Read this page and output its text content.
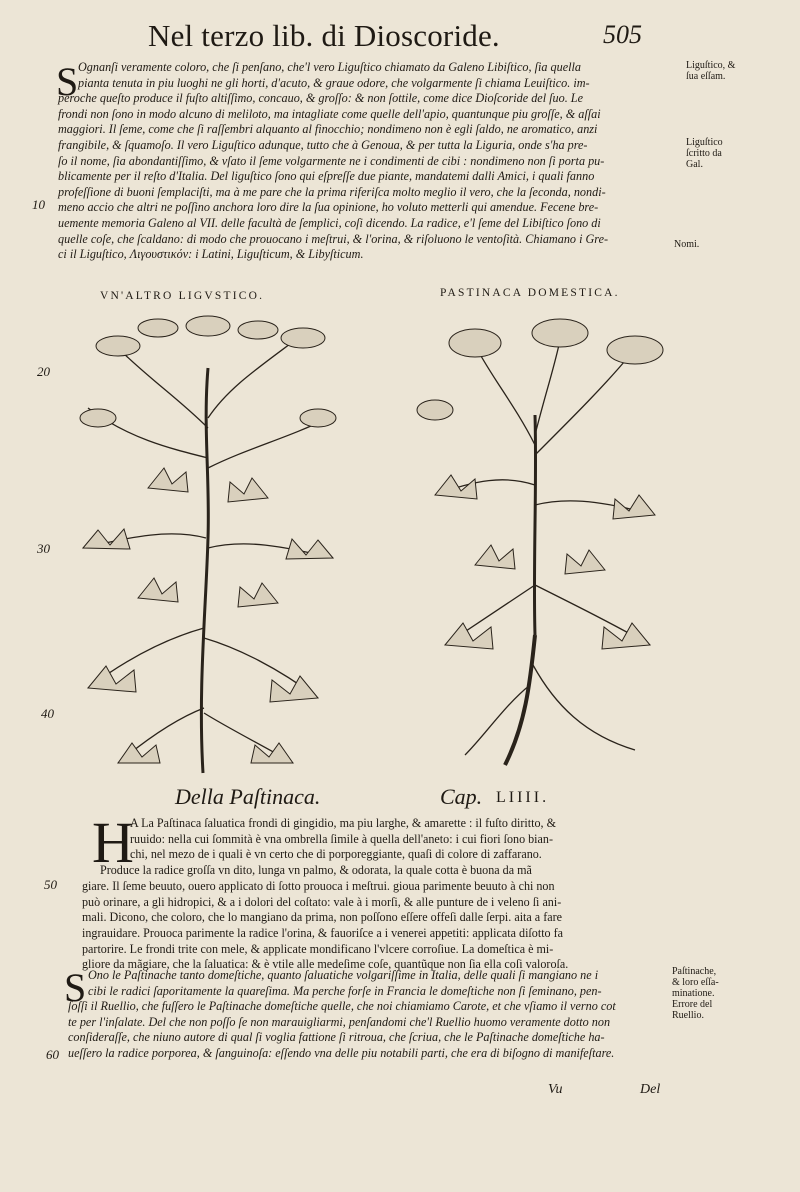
Nel terzo lib. di Dioscoride.	505
S Ognanſi veramente coloro, che ſi penſano, che'l vero Liguſtico chiamato da Galeno Libiſtico, ſia quella
pianta tenuta in piu luoghi ne gli horti, d'acuto, & graue odore, che volgarmente ſi chiama Leuiſtico. im-
peroche queſto produce il fuſto altiſſimo, concauo, & groſſo: & non ſottile, come dice Dioſcoride del ſuo. Le
frondi non ſono in modo alcuno di meliloto, ma intagliate come quelle dell'apio, quantunque piu groſſe, & aſſai
maggiori. Il ſeme, come che ſi raſſembri alquanto al finocchio; nondimeno non è egli ſaldo, ne aromatico, anzi
frangibile, & ſquamoſo. Il vero Liguſtico adunque, tutto che à Genoua, & per tutta la Liguria, onde s'ha pre-
ſo il nome, ſia abondantiſſimo, & vſato il ſeme volgarmente ne i condimenti de cibi : nondimeno non ſi porta pu-
blicamente per il reſto d'Italia. Del liguſtico ſono qui eſpreſſe due piante, mandatemi dalli Amici, i quali fanno
profeſſione di buoni ſemplaciſti, ma à me pare che la prima riferiſca molto meglio il vero, che la ſeconda, nondi-
meno accio che altri ne poſſino anchora loro dire la ſua opinione, ho voluto metterli qui amendue. Fecene bre-
uemente memoria Galeno al VII. delle facultà de ſemplici, coſi dicendo. La radice, e'l ſeme del Libiſtico ſono di
quelle coſe, che ſcaldano: di modo che prouocano i meſtrui, & l'orina, & riſoluono le ventoſità. Chiamano i Gre-
ci il Liguſtico, Λιγουστικόν: i Latini, Liguſticum, & Libyſticum.
Liguſtico, &
ſua eſſam.
Liguſtico
ſcritto da
Gal.
Nomi.
10
20
30
40
50
60
VN'ALTRO LIGVSTICO.	PASTINACA DOMESTICA.
Della Paſtinaca.	Cap. LIIII.
H
A La Paſtinaca ſaluatica frondi di gingidio, ma piu larghe, & amarette : il fuſto diritto, &
ruuido: nella cui ſommità è vna ombrella ſimile à quella dell'aneto: i cui fiori ſono bian-
chi, nel mezo de i quali è vn certo che di porporeggiante, quaſi di colore di zaffarano.
Produce la radice groſſa vn dito, lunga vn palmo, & odorata, la quale cotta è buona da mã
giare. Il ſeme beuuto, ouero applicato di ſotto prouoca i meſtrui. gioua parimente beuuto à chi non
può orinare, a gli hidropici, & a i dolori del coſtato: vale à i morſi, & alle punture de i veleno ſi ani-
mali. Dicono, che coloro, che lo mangiano da prima, non poſſono eſſere offeſi dalle ſerpi. aita a fare
ingrauidare. Prouoca parimente la radice l'orina, & fauoriſce a i venerei appetiti: applicata diſotto fa
partorire. Le frondi trite con mele, & applicate mondificano l'vlcere corroſiue. La domeſtica è mi-
gliore da mãgiare, che la ſaluatica: & è vtile alle medeſime coſe, quantũque non ſia ella coſi valoroſa.
S Ono le Paſtinache tanto domeſtiche, quanto ſaluatiche volgariſſime in Italia, delle quali ſi mangiano ne i
cibi le radici ſaporitamente la quareſima. Ma perche forſe in Francia le domeſtiche non ſi ſeminano, pen-
ſoſſi il Ruellio, che fuſſero le Paſtinache domeſtiche quelle, che noi chiamiamo Carote, et che vſiamo il verno cot
te per l'inſalate. Del che non poſſo ſe non marauigliarmi, penſandomi che'l Ruellio huomo veramente dotto non
conſideraſſe, che niuno autore di qual ſi voglia fattione ſi ritroua, che ſcriua, che le Paſtinache domeſtiche ha-
ueſſero la radice porporea, & ſanguinoſa: eſſendo vna delle piu notabili parti, che era di biſogno di manifeſtare.
Paſtinache,
& loro eſſa-
minatione.
Errore del
Ruellio.
Vu	Del
